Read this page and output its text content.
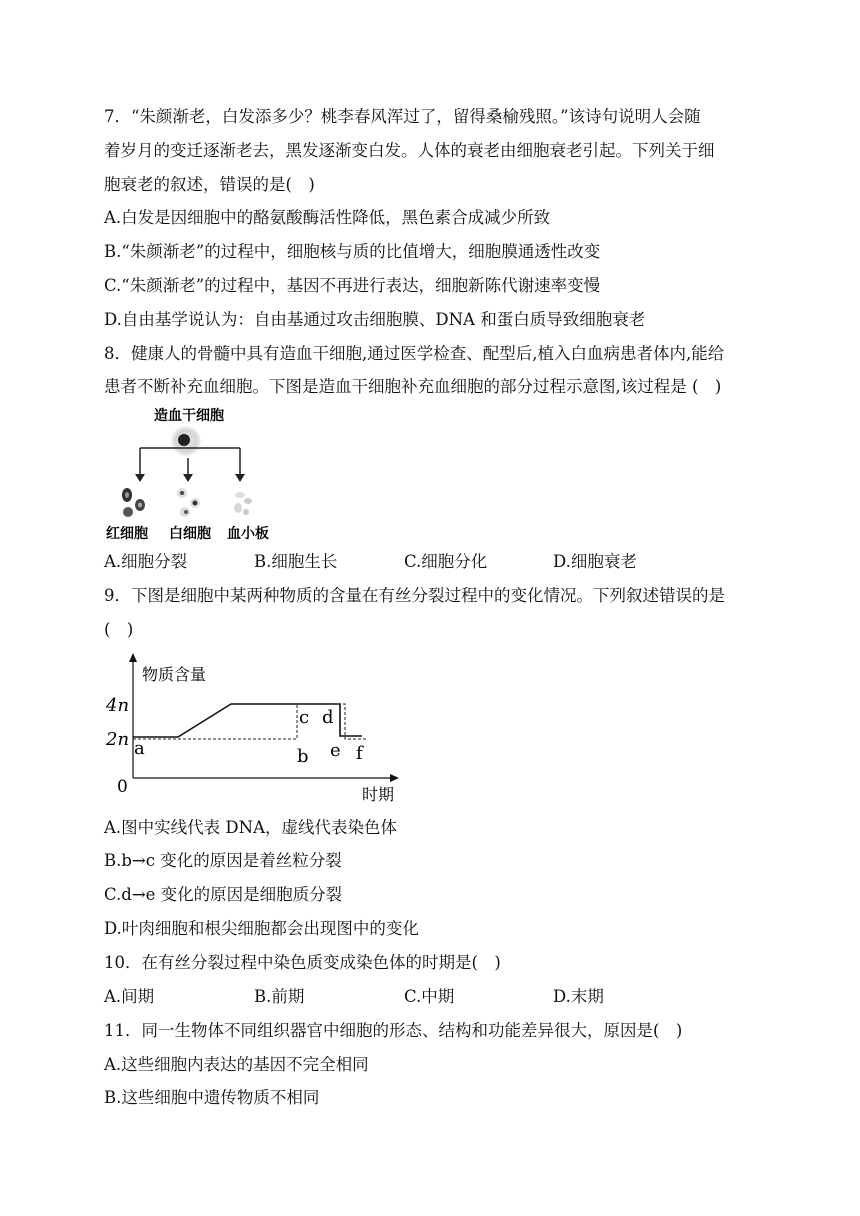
7．“朱颜渐老，白发添多少？桃李春风浑过了，留得桑榆残照。”该诗句说明人会随
着岁月的变迁逐渐老去，黑发逐渐变白发。人体的衰老由细胞衰老引起。下列关于细
胞衰老的叙述，错误的是(　)
A.白发是因细胞中的酪氨酸酶活性降低，黑色素合成减少所致
B.“朱颜渐老”的过程中，细胞核与质的比值增大，细胞膜通透性改变
C.“朱颜渐老”的过程中，基因不再进行表达，细胞新陈代谢速率变慢
D.自由基学说认为：自由基通过攻击细胞膜、DNA 和蛋白质导致细胞衰老
8．健康人的骨髓中具有造血干细胞,通过医学检查、配型后,植入白血病患者体内,能给
患者不断补充血细胞。下图是造血干细胞补充血细胞的部分过程示意图,该过程是 (　)
造血干细胞
红细胞 白细胞 血小板
A.细胞分裂	B.细胞生长	C.细胞分化	D.细胞衰老
9．下图是细胞中某两种物质的含量在有丝分裂过程中的变化情况。下列叙述错误的是
(　)
物质含量
时期
0
4n
2n a	b
c d
e f
A.图中实线代表 DNA，虚线代表染色体
B.b→c 变化的原因是着丝粒分裂
C.d→e 变化的原因是细胞质分裂
D.叶肉细胞和根尖细胞都会出现图中的变化
10．在有丝分裂过程中染色质变成染色体的时期是(　)
A.间期	B.前期	C.中期	D.末期
11．同一生物体不同组织器官中细胞的形态、结构和功能差异很大，原因是(　)
A.这些细胞内表达的基因不完全相同
B.这些细胞中遗传物质不相同
